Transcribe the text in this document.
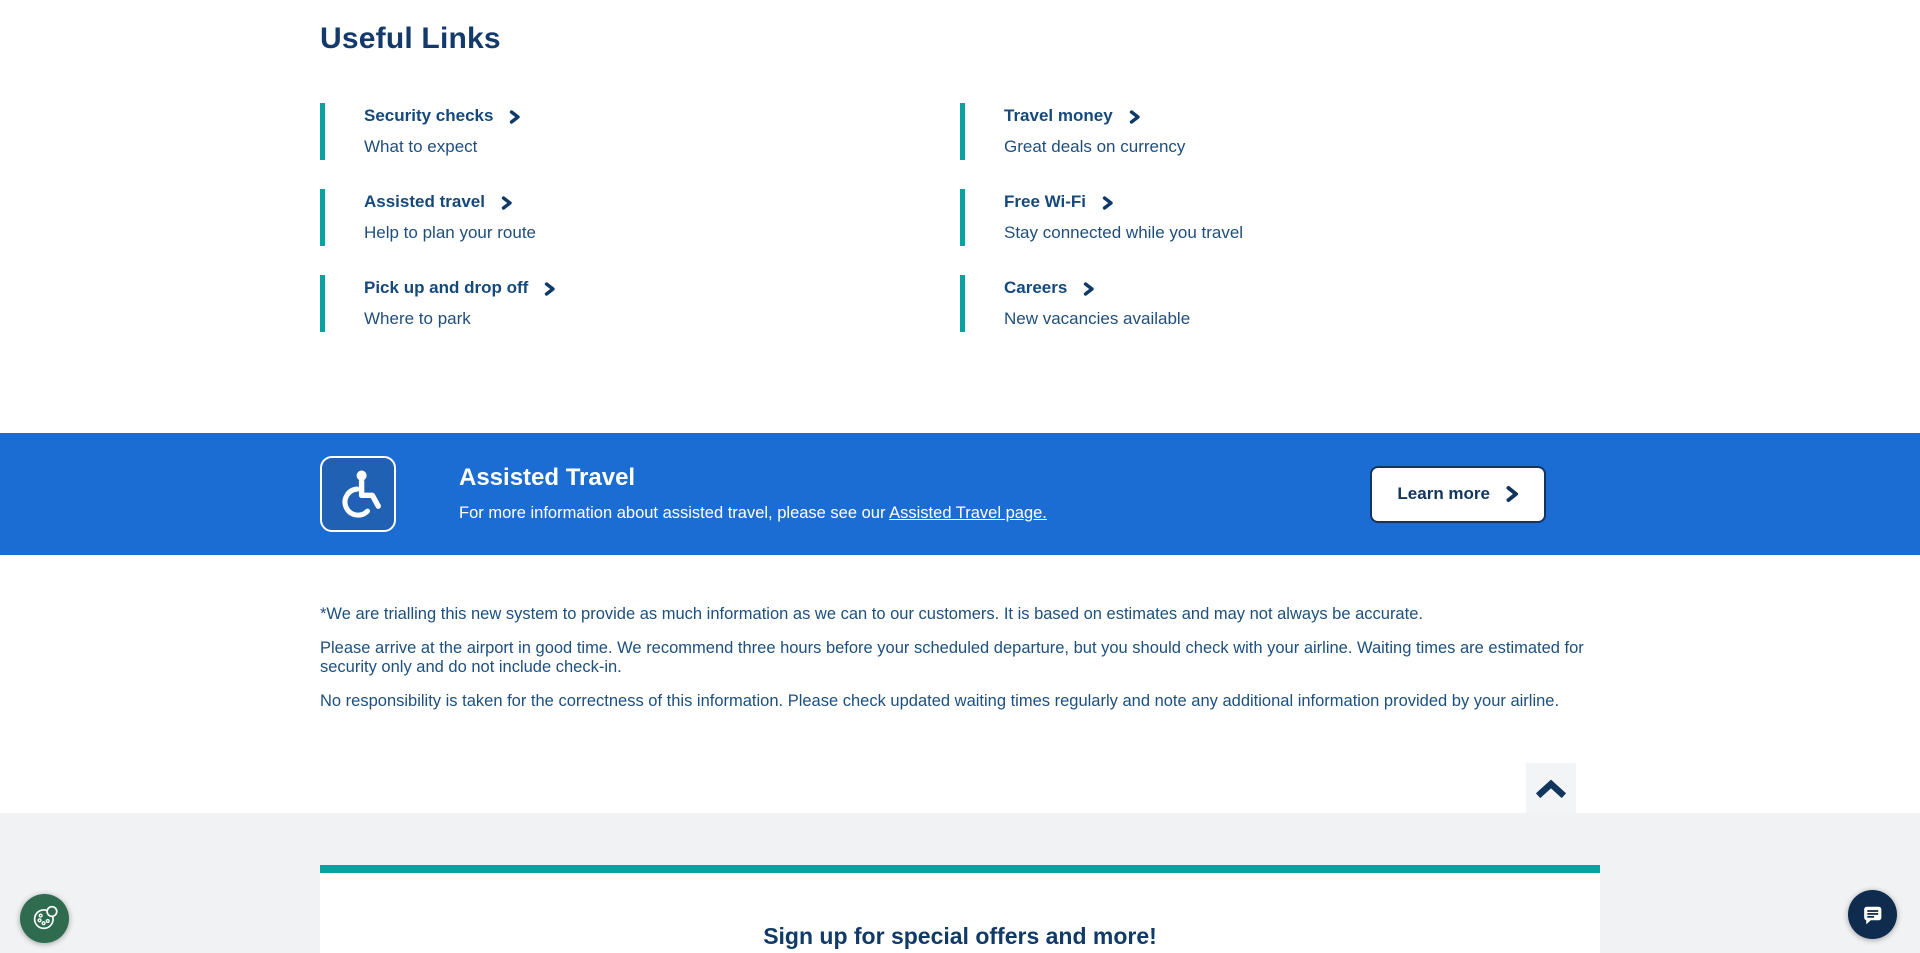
Useful Links
Security checks
What to expect
Travel money
Great deals on currency
Assisted travel
Help to plan your route
Free Wi-Fi
Stay connected while you travel
Pick up and drop off
Where to park
Careers
New vacancies available
Assisted Travel

For more information about assisted travel, please see our Assisted Travel page.

Learn more

*We are trialling this new system to provide as much information as we can to our customers. It is based on estimates and may not always be accurate.

Please arrive at the airport in good time. We recommend three hours before your scheduled departure, but you should check with your airline. Waiting times are estimated for security only and do not include check-in.

No responsibility is taken for the correctness of this information. Please check updated waiting times regularly and note any additional information provided by your airline.

Sign up for special offers and more!
